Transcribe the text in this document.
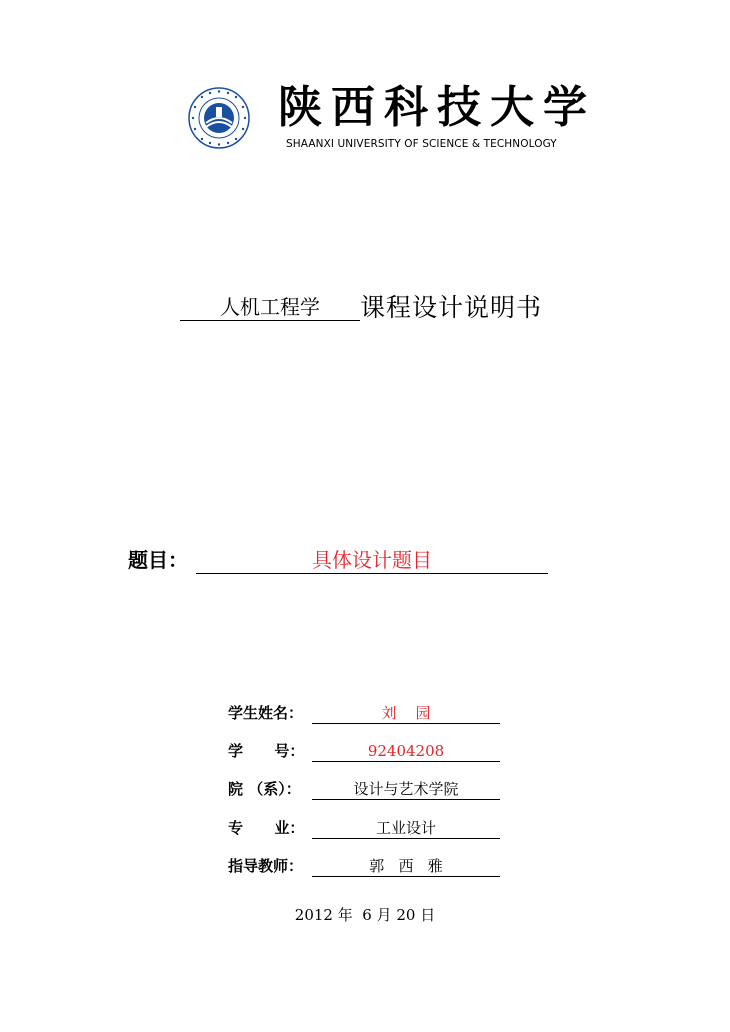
陕西科技大学
SHAANXI UNIVERSITY OF SCIENCE & TECHNOLOGY
人机工程学 课程设计说明书
题目：	具体设计题目
学生姓名：	刘    园
学      号：	92404208
院 （系）：	设计与艺术学院
专      业：	工业设计
指导教师：	郭   西   雅
2012 年  6 月 20 日
